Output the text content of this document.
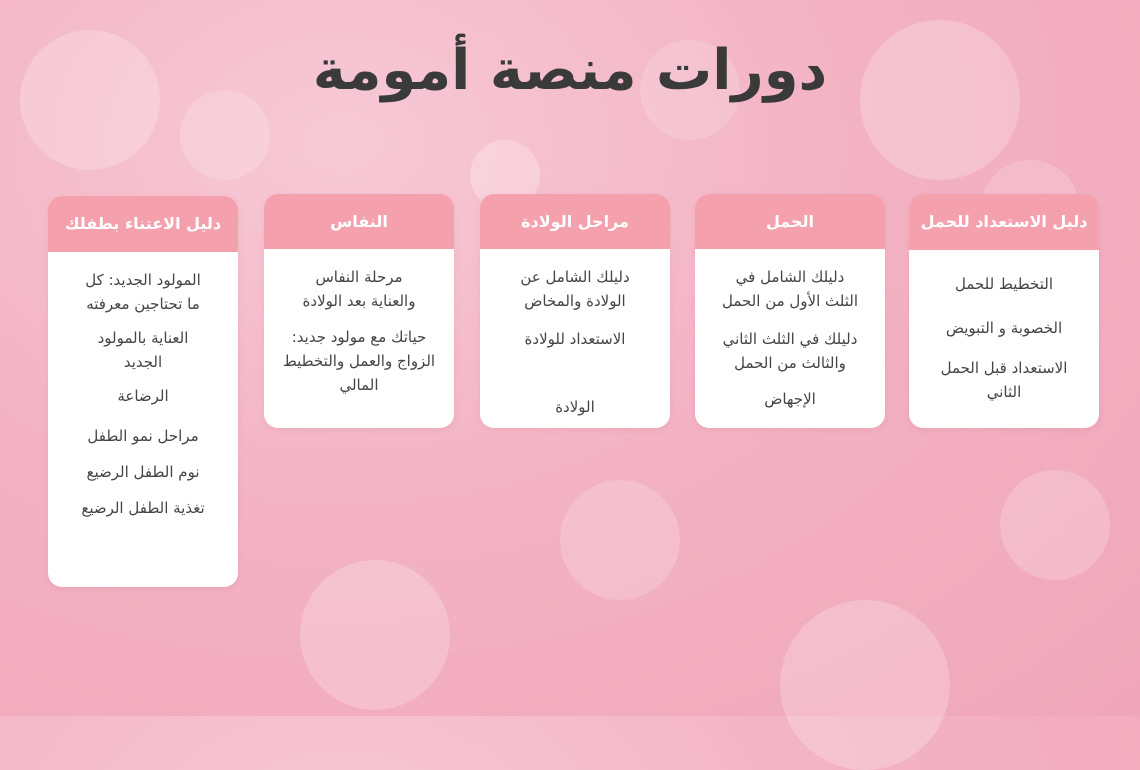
دورات منصة أمومة
دليل الاستعداد للحمل
التخطيط للحمل
الخصوبة و التبويض
الاستعداد قبل الحمل الثاني
الحمل
دليلك الشامل في الثلث الأول من الحمل
دليلك في الثلث الثاني والثالث من الحمل
الإجهاض
مراحل الولادة
دليلك الشامل عن الولادة والمخاض
الاستعداد للولادة
الولادة
النفاس
مرحلة النفاس والعناية بعد الولادة
حياتك مع مولود جديد: الزواج والعمل والتخطيط المالي
دليل الاعتناء بطفلك
المولود الجديد: كل ما تحتاجين معرفته
العناية بالمولود الجديد
الرضاعة
مراحل نمو الطفل
نوم الطفل الرضيع
تغذية الطفل الرضيع
